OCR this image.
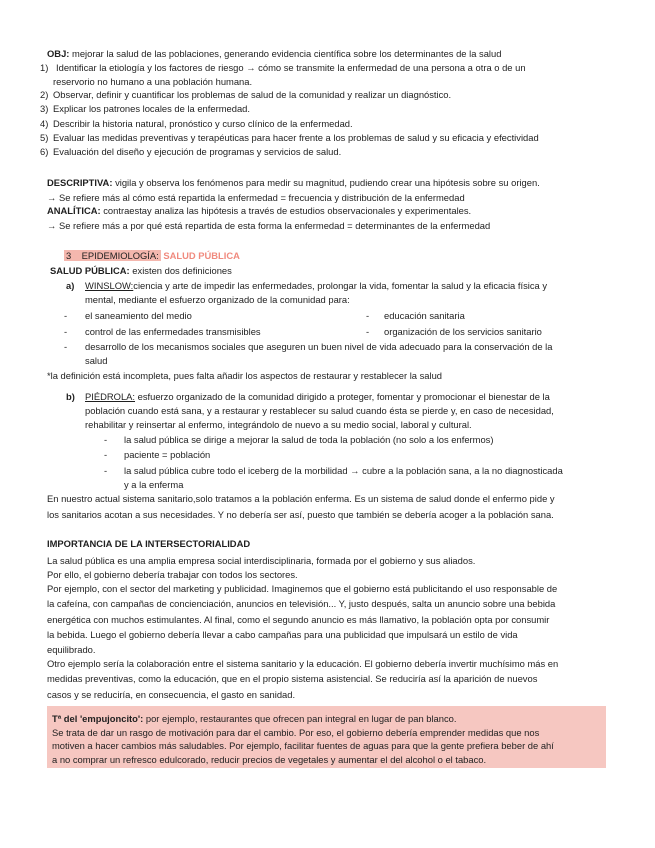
OBJ: mejorar la salud de las poblaciones, generando evidencia científica sobre los determinantes de la salud

1) Identificar la etiología y los factores de riesgo → cómo se transmite la enfermedad de una persona a otra o de un
reservorio no humano a una población humana.
2) Observar, definir y cuantificar los problemas de salud de la comunidad y realizar un diagnóstico.
3) Explicar los patrones locales de la enfermedad.
4) Describir la historia natural, pronóstico y curso clínico de la enfermedad.
5) Evaluar las medidas preventivas y terapéuticas para hacer frente a los problemas de salud y su eficacia y efectividad
6) Evaluación del diseño y ejecución de programas y servicios de salud.

DESCRIPTIVA: vigila y observa los fenómenos para medir su magnitud, pudiendo crear una hipótesis sobre su origen.

→ Se refiere más al cómo está repartida la enfermedad = frecuencia y distribución de la enfermedad

ANALÍTICA: contraestay analiza las hipótesis a través de estudios observacionales y experimentales.

→ Se refiere más a por qué está repartida de esta forma la enfermedad = determinantes de la enfermedad

3 EPIDEMIOLOGÍA: SALUD PÚBLICA
SALUD PÚBLICA: existen dos definiciones
a) WINSLOW:ciencia y arte de impedir las enfermedades, prolongar la vida, fomentar la salud y la eficacia física y
mental, mediante el esfuerzo organizado de la comunidad para:
- el saneamiento del medio	- educación sanitaria
- control de las enfermedades transmisibles	- organización de los servicios sanitario
- desarrollo de los mecanismos sociales que aseguren un buen nivel de vida adecuado para la conservación de la
salud
*la definición está incompleta, pues falta añadir los aspectos de restaurar y restablecer la salud
b) PIÉDROLA: esfuerzo organizado de la comunidad dirigido a proteger, fomentar y promocionar el bienestar de la
población cuando está sana, y a restaurar y restablecer su salud cuando ésta se pierde y, en caso de necesidad,
rehabilitar y reinsertar al enfermo, integrándolo de nuevo a su medio social, laboral y cultural.
- la salud pública se dirige a mejorar la salud de toda la población (no solo a los enfermos)
- paciente = población
- la salud pública cubre todo el iceberg de la morbilidad → cubre a la población sana, a la no diagnosticada
y a la enferma

En nuestro actual sistema sanitario,solo tratamos a la población enferma. Es un sistema de salud donde el enfermo pide y

los sanitarios acotan a sus necesidades. Y no debería ser así, puesto que también se debería acoger a la población sana.

IMPORTANCIA DE LA INTERSECTORIALIDAD

La salud pública es una amplia empresa social interdisciplinaria, formada por el gobierno y sus aliados.

Por ello, el gobierno debería trabajar con todos los sectores.

Por ejemplo, con el sector del marketing y publicidad. Imaginemos que el gobierno está publicitando el uso responsable de

la cafeína, con campañas de concienciación, anuncios en televisión... Y, justo después, salta un anuncio sobre una bebida

energética con muchos estimulantes. Al final, como el segundo anuncio es más llamativo, la población opta por consumir

la bebida. Luego el gobierno debería llevar a cabo campañas para una publicidad que impulsará un estilo de vida

equilibrado.

Otro ejemplo sería la colaboración entre el sistema sanitario y la educación. El gobierno debería invertir muchísimo más en

medidas preventivas, como la educación, que en el propio sistema asistencial. Se reduciría así la aparición de nuevos

casos y se reduciría, en consecuencia, el gasto en sanidad.

Tª del 'empujoncito': por ejemplo, restaurantes que ofrecen pan integral en lugar de pan blanco.

Se trata de dar un rasgo de motivación para dar el cambio. Por eso, el gobierno debería emprender medidas que nos

motiven a hacer cambios más saludables. Por ejemplo, facilitar fuentes de aguas para que la gente prefiera beber de ahí

a no comprar un refresco edulcorado, reducir precios de vegetales y aumentar el del alcohol o el tabaco.
